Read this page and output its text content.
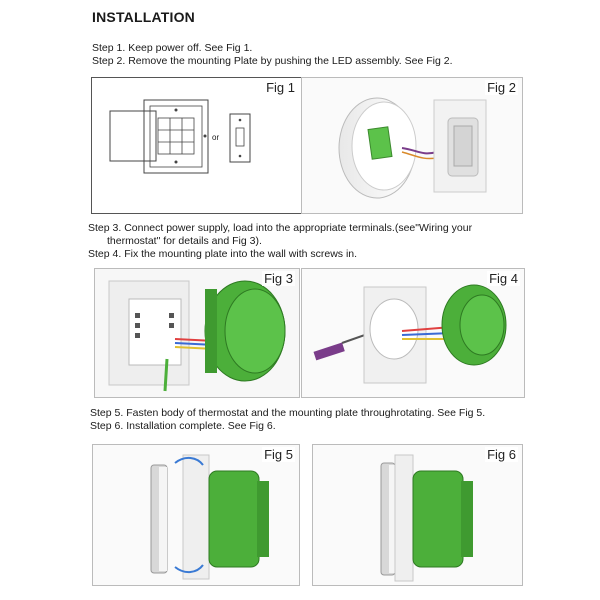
INSTALLATION
Step 1. Keep power off. See Fig 1.
Step 2. Remove the mounting Plate by pushing the LED assembly. See Fig 2.
or
Fig 1	Fig 2
Step 3. Connect power supply, load into the appropriate terminals.(see"Wiring your
thermostat" for details and Fig 3).
Step 4. Fix the mounting plate into the wall with screws in.
Fig 3	Fig 4
Step 5. Fasten body of thermostat and the mounting plate throughrotating. See Fig 5.
Step 6. Installation complete. See Fig 6.
Fig 5	Fig 6
